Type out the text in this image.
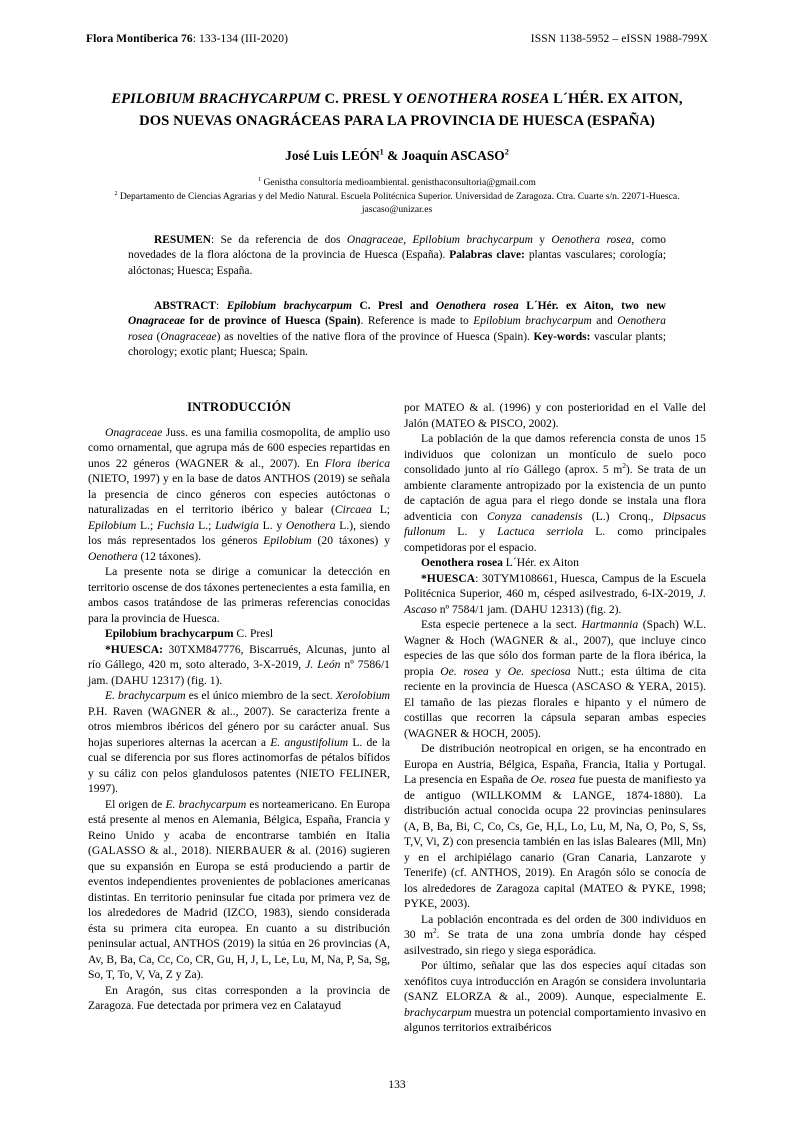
Flora Montiberica 76: 133-134 (III-2020)	ISSN 1138-5952 – eISSN 1988-799X
EPILOBIUM BRACHYCARPUM C. PRESL Y OENOTHERA ROSEA L´HÉR. EX AITON,
DOS NUEVAS ONAGRÁCEAS PARA LA PROVINCIA DE HUESCA (ESPAÑA)
José Luis LEÓN$^1$ & Joaquín ASCASO$^2$
$^1$ Genistha consultoría medioambiental. genisthaconsultoria@gmail.com
$^2$ Departamento de Ciencias Agrarias y del Medio Natural. Escuela Politécnica Superior. Universidad de Zaragoza. Ctra. Cuarte s/n. 22071-Huesca. jascaso@unizar.es
RESUMEN: Se da referencia de dos Onagraceae, Epilobium brachycarpum y Oenothera rosea, como novedades de la flora alóctona de la provincia de Huesca (España). Palabras clave: plantas vasculares; corología; alóctonas; Huesca; España.
ABSTRACT: Epilobium brachycarpum C. Presl and Oenothera rosea L´Hér. ex Aiton, two new Onagraceae for de province of Huesca (Spain). Reference is made to Epilobium brachycarpum and Oenothera rosea (Onagraceae) as novelties of the native flora of the province of Huesca (Spain). Key-words: vascular plants; chorology; exotic plant; Huesca; Spain.
INTRODUCCIÓN

Onagraceae Juss. es una familia cosmopolita, de amplio uso como ornamental, que agrupa más de 600 especies repartidas en unos 22 géneros (WAGNER & al., 2007). En Flora iberica (NIETO, 1997) y en la base de datos ANTHOS (2019) se señala la presencia de cinco géneros con especies autóctonas o naturalizadas en el territorio ibérico y balear (Circaea L; Epilobium L.; Fuchsia L.; Ludwigia L. y Oenothera L.), siendo los más representados los géneros Epilobium (20 táxones) y Oenothera (12 táxones).

La presente nota se dirige a comunicar la detección en territorio oscense de dos táxones pertenecientes a esta familia, en ambos casos tratándose de las primeras referencias conocidas para la provincia de Huesca.

Epilobium brachycarpum C. Presl

*HUESCA: 30TXM847776, Biscarrués, Alcunas, junto al río Gállego, 420 m, soto alterado, 3-X-2019, J. León nº 7586/1 jam. (DAHU 12317) (fig. 1).

E. brachycarpum es el único miembro de la sect. Xerolobium P.H. Raven (WAGNER & al.., 2007). Se caracteriza frente a otros miembros ibéricos del género por su carácter anual. Sus hojas superiores alternas la acercan a E. angustifolium L. de la cual se diferencia por sus flores actinomorfas de pétalos bífidos y su cáliz con pelos glandulosos patentes (NIETO FELINER, 1997).

El origen de E. brachycarpum es norteamericano. En Europa está presente al menos en Alemania, Bélgica, España, Francia y Reino Unido y acaba de encontrarse también en Italia (GALASSO & al., 2018). NIERBAUER & al. (2016) sugieren que su expansión en Europa se está produciendo a partir de eventos independientes provenientes de poblaciones americanas distintas. En territorio peninsular fue citada por primera vez de los alrededores de Madrid (IZCO, 1983), siendo considerada ésta su primera cita europea. En cuanto a su distribución peninsular actual, ANTHOS (2019) la sitúa en 26 provincias (A, Av, B, Ba, Ca, Cc, Co, CR, Gu, H, J, L, Le, Lu, M, Na, P, Sa, Sg, So, T, To, V, Va, Z y Za).

En Aragón, sus citas corresponden a la provincia de Zaragoza. Fue detectada por primera vez en Calatayud

por MATEO & al. (1996) y con posterioridad en el Valle del Jalón (MATEO & PISCO, 2002).

La población de la que damos referencia consta de unos 15 individuos que colonizan un montículo de suelo poco consolidado junto al río Gállego (aprox. 5 $m^2$). Se trata de un ambiente claramente antropizado por la existencia de un punto de captación de agua para el riego donde se instala una flora adventicia con Conyza canadensis (L.) Cronq., Dipsacus fullonum L. y Lactuca serriola L. como principales competidoras por el espacio.

Oenothera rosea L´Hér. ex Aiton

*HUESCA: 30TYM108661, Huesca, Campus de la Escuela Politécnica Superior, 460 m, césped asilvestrado, 6-IX-2019, J. Ascaso nº 7584/1 jam. (DAHU 12313) (fig. 2).

Esta especie pertenece a la sect. Hartmannia (Spach) W.L. Wagner & Hoch (WAGNER & al., 2007), que incluye cinco especies de las que sólo dos forman parte de la flora ibérica, la propia Oe. rosea y Oe. speciosa Nutt.; esta última de cita reciente en la provincia de Huesca (ASCASO & YERA, 2015). El tamaño de las piezas florales e hipanto y el número de costillas que recorren la cápsula separan ambas especies (WAGNER & HOCH, 2005).

De distribución neotropical en origen, se ha encontrado en Europa en Austria, Bélgica, España, Francia, Italia y Portugal. La presencia en España de Oe. rosea fue puesta de manifiesto ya de antiguo (WILLKOMM & LANGE, 1874-1880). La distribución actual conocida ocupa 22 provincias peninsulares (A, B, Ba, Bi, C, Co, Cs, Ge, H,L, Lo, Lu, M, Na, O, Po, S, Ss, T,V, Vi, Z) con presencia también en las islas Baleares (Mll, Mn) y en el archipiélago canario (Gran Canaria, Lanzarote y Tenerife) (cf. ANTHOS, 2019). En Aragón sólo se conocía de los alrededores de Zaragoza capital (MATEO & PYKE, 1998; PYKE, 2003).

La población encontrada es del orden de 300 individuos en 30 $m^2$. Se trata de una zona umbría donde hay césped asilvestrado, sin riego y siega esporádica.

Por último, señalar que las dos especies aquí citadas son xenófitos cuya introducción en Aragón se considera involuntaria (SANZ ELORZA & al., 2009). Aunque, especialmente E. brachycarpum muestra un potencial comportamiento invasivo en algunos territorios extraibéricos

133
